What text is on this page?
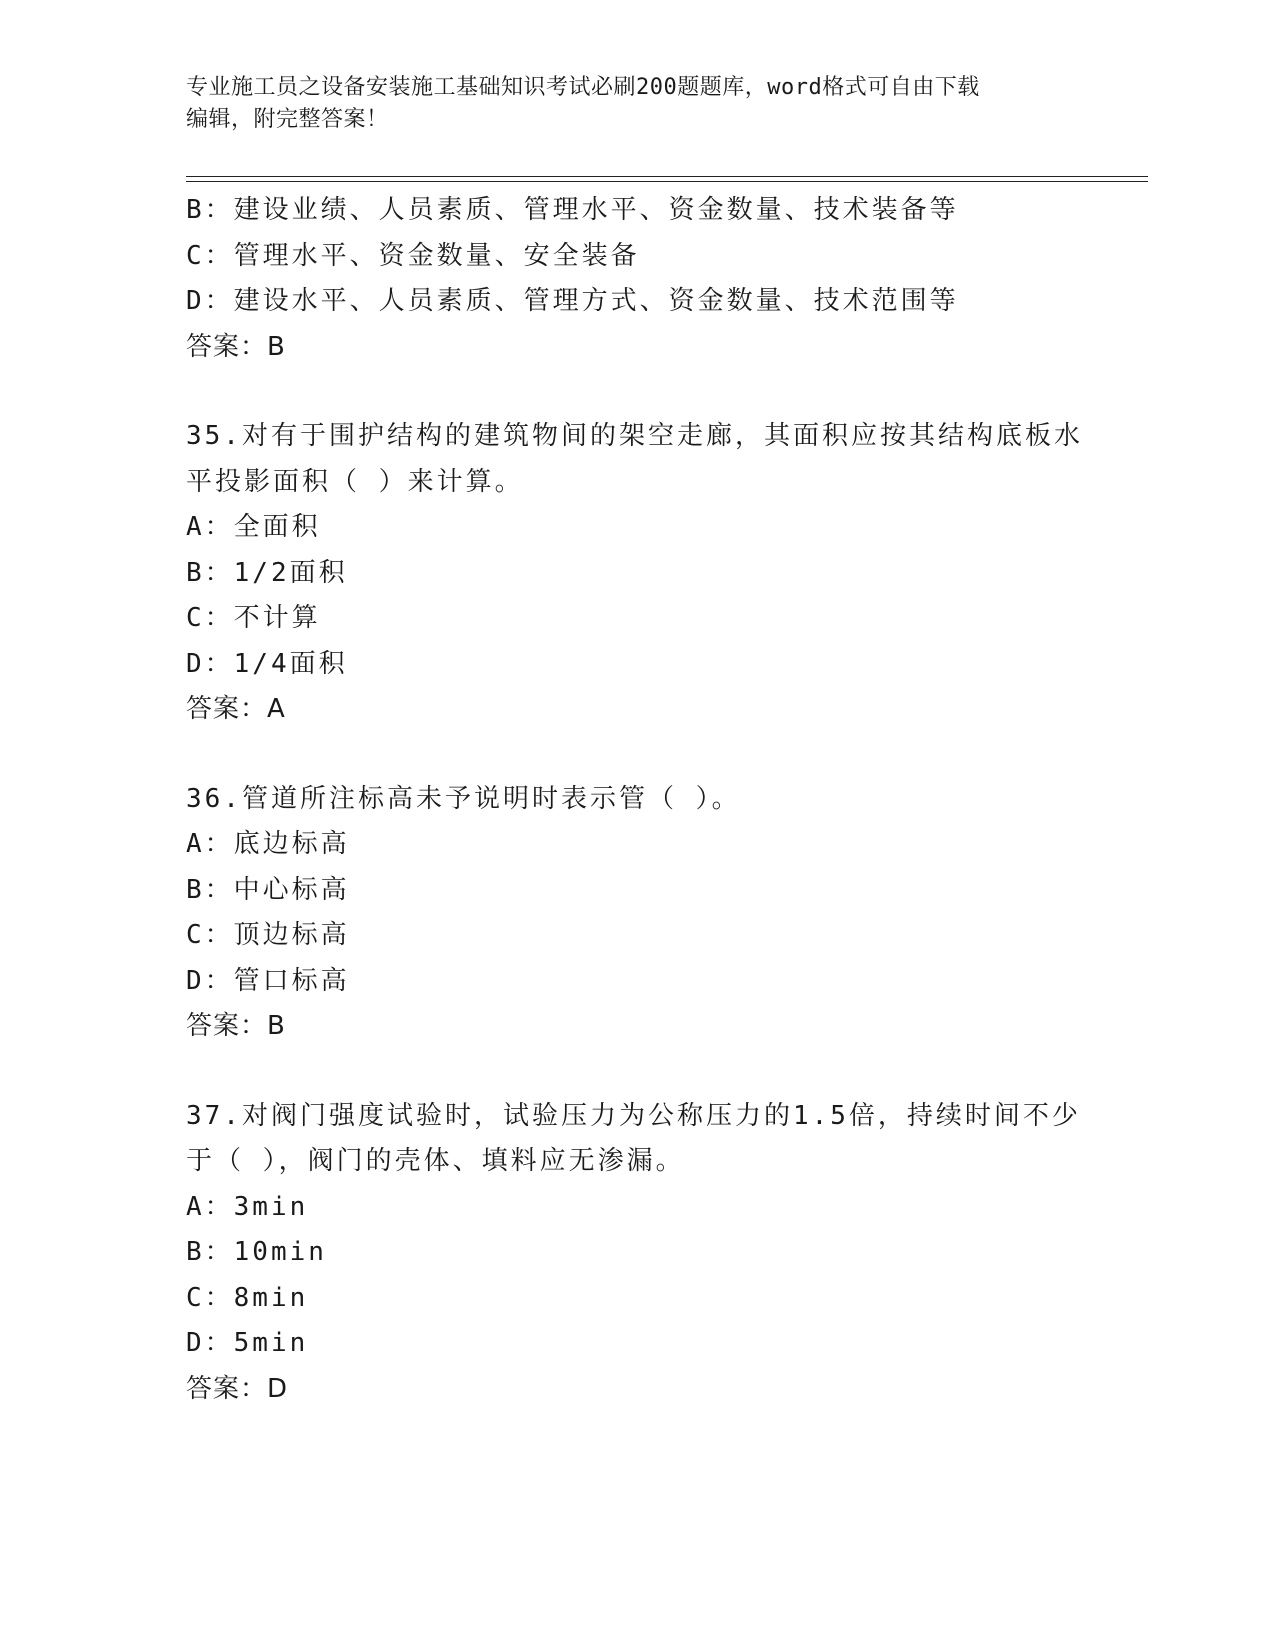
专业施工员之设备安装施工基础知识考试必刷200题题库，word格式可自由下载
编辑，附完整答案！
B：建设业绩、人员素质、管理水平、资金数量、技术装备等
C：管理水平、资金数量、安全装备
D：建设水平、人员素质、管理方式、资金数量、技术范围等
答案：B
35.对有于围护结构的建筑物间的架空走廊，其面积应按其结构底板水
平投影面积（ ）来计算。
A：全面积
B：1/2面积
C：不计算
D：1/4面积
答案：A
36.管道所注标高未予说明时表示管（ ）。
A：底边标高
B：中心标高
C：顶边标高
D：管口标高
答案：B
37.对阀门强度试验时，试验压力为公称压力的1.5倍，持续时间不少
于（ ），阀门的壳体、填料应无渗漏。
A：3min
B：10min
C：8min
D：5min
答案：D
